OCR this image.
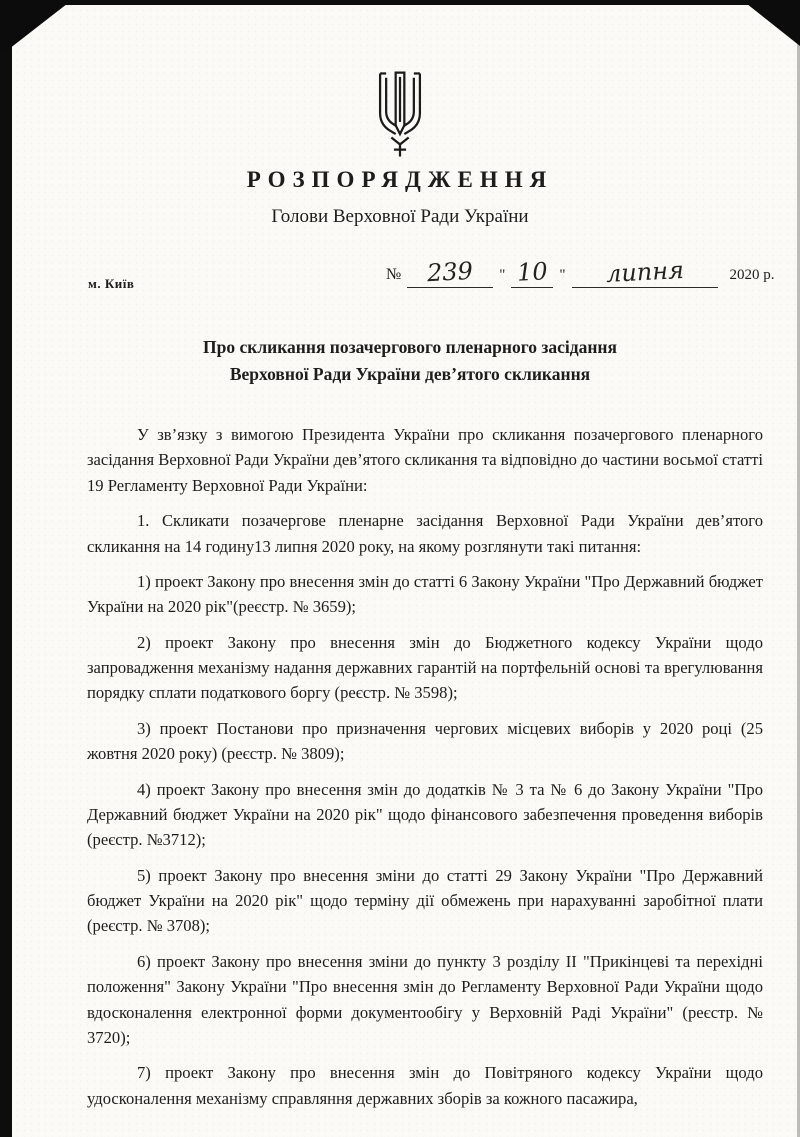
РОЗПОРЯДЖЕННЯ
Голови Верховної Ради України
м. Київ
№	239	" 10 "	липня	2020 р.
Про скликання позачергового пленарного засідання
Верховної Ради України дев’ятого скликання

У зв’язку з вимогою Президента України про скликання позачергового пленарного засідання Верховної Ради України дев’ятого скликання та відповідно до частини восьмої статті 19 Регламенту Верховної Ради України:

1. Скликати позачергове пленарне засідання Верховної Ради України дев’ятого скликання на 14 годину13 липня 2020 року, на якому розглянути такі питання:

1) проект Закону про внесення змін до статті 6 Закону України "Про Державний бюджет України на 2020 рік"(реєстр. № 3659);

2) проект Закону про внесення змін до Бюджетного кодексу України щодо запровадження механізму надання державних гарантій на портфельній основі та врегулювання порядку сплати податкового боргу (реєстр. № 3598);

3) проект Постанови про призначення чергових місцевих виборів у 2020 році (25 жовтня 2020 року) (реєстр. № 3809);

4) проект Закону про внесення змін до додатків № 3 та № 6 до Закону України "Про Державний бюджет України на 2020 рік" щодо фінансового забезпечення проведення виборів (реєстр. №3712);

5) проект Закону про внесення зміни до статті 29 Закону України "Про Державний бюджет України на 2020 рік" щодо терміну дії обмежень при нарахуванні заробітної плати (реєстр. № 3708);

6) проект Закону про внесення зміни до пункту 3 розділу II "Прикінцеві та перехідні положення" Закону України "Про внесення змін до Регламенту Верховної Ради України щодо вдосконалення електронної форми документообігу у Верховній Раді України" (реєстр. № 3720);

7) проект Закону про внесення змін до Повітряного кодексу України щодо удосконалення механізму справляння державних зборів за кожного пасажира,
